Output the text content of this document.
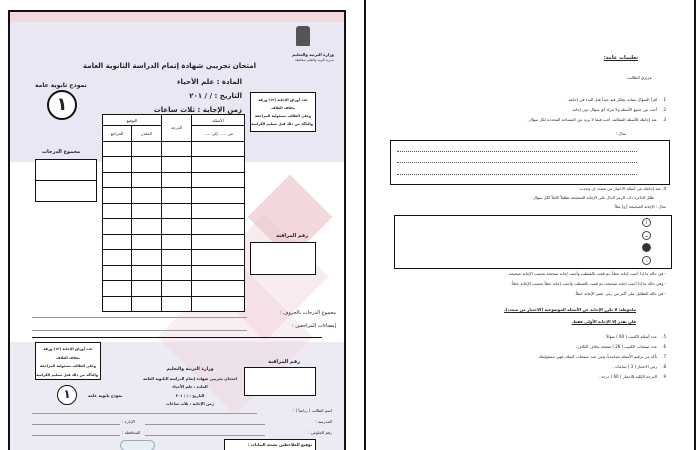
وزارة التربية والتعليم
مديرية التربية والتعليم بمحافظة
امتحان تجريبي شهادة إتمام الدراسة الثانوية العامة
المادة : علم الأحياء
التاريخ : / / ٢٠١
زمن الإجابة : ثلاث ساعات
نموذج ثانوية عامة
١	عدد أوراق الإجابة (١٢) ورقة
بخلاف الغلاف
وعلى الطالب مسئولية المراجعة
والتأكد من ذلك قبل تسليم الكراسة
الأسئلة	الدرجة	التوقيع	
من ...... إلى ......		المقدر	المراجع

مجموع الدرجات
رقم المراقبة
مجموع الدرجات بالحروف :
إمضاءات المراجعين :
عدد أوراق الإجابة (١٢) ورقة
بخلاف الغلاف
وعلى الطالب مسئولية المراجعة
والتأكد من ذلك قبل تسليم الكراسة
١	نموذج ثانوية عامة
وزارة التربية والتعليم
امتحان تجريبي شهادة إتمام الدراسة الثانوية العامة
المادة : علم الأحياء
التاريخ : / / ٢٠١
زمن الإجابة : ثلاث ساعات
رقم المراقبة
اسم الطالب ( رباعياً ) :
المدرسة :
الإدارة :
رقم الجلوس :
المحافظة :
توقيع الملاحظين بصحة البيانات :
تعليمات عامة:
عزيزي الطالب،
1.    اقرأ السؤال بعناية، وفكر فيه جيداً قبل البدء في إجابته.
2.    أجب عن جميع الأسئلة ولا تترك أي سؤال دون إجابة.
3.    عند إجابتك للأسئلة المقالية، أجب فيما لا يزيد عن المساحة المحددة لكل سؤال.
مثال :
4. عند إجابتك عن أسئلة الاختيار من متعدد إن وجدت:
ظلل الدائرة ذات الرمز الدال على الإجابة الصحيحة تظليلاً كاملاً لكل سؤال .
مثال : الإجابة الصحيحة (ج) مثلاً
أ
ب
ج
د
- في حالة ما إذا أجبت إجابة خطأ، ثم قمت بالشطب وأجبت إجابة صحيحة تحسب الإجابة صحيحة.
- وفي حالة ما إذا أجبت إجابة صحيحة، ثم قمت بالشطب وأجبت إجابة خطأ تحسب الإجابة خطأ.
- في حالة التظليل على أكثر من رمز، تعتبر الإجابة خطأ.
ملحوظة: لا تكرر الإجابة عن الأسئلة الموضوعية (الاختيار من متعدد)،
فلن تقدر إلا الإجابة الأولى فقط.
5.    عدد أسئلة الكتيب ( 60 ) سؤالاً .
6.    عدد صفحات الكتيب ( 26 ) صفحة بخلاف الغلاف.
7.    تأكد من ترقيم الأسئلة تصاعدياً، ومن عدد صفحات كتيبك، فهي مسئوليتك.
8.    زمن الاختبار ( 3 ) ساعات .
9.    الدرجة الكلية للاختبار ( 60 ) درجة .
